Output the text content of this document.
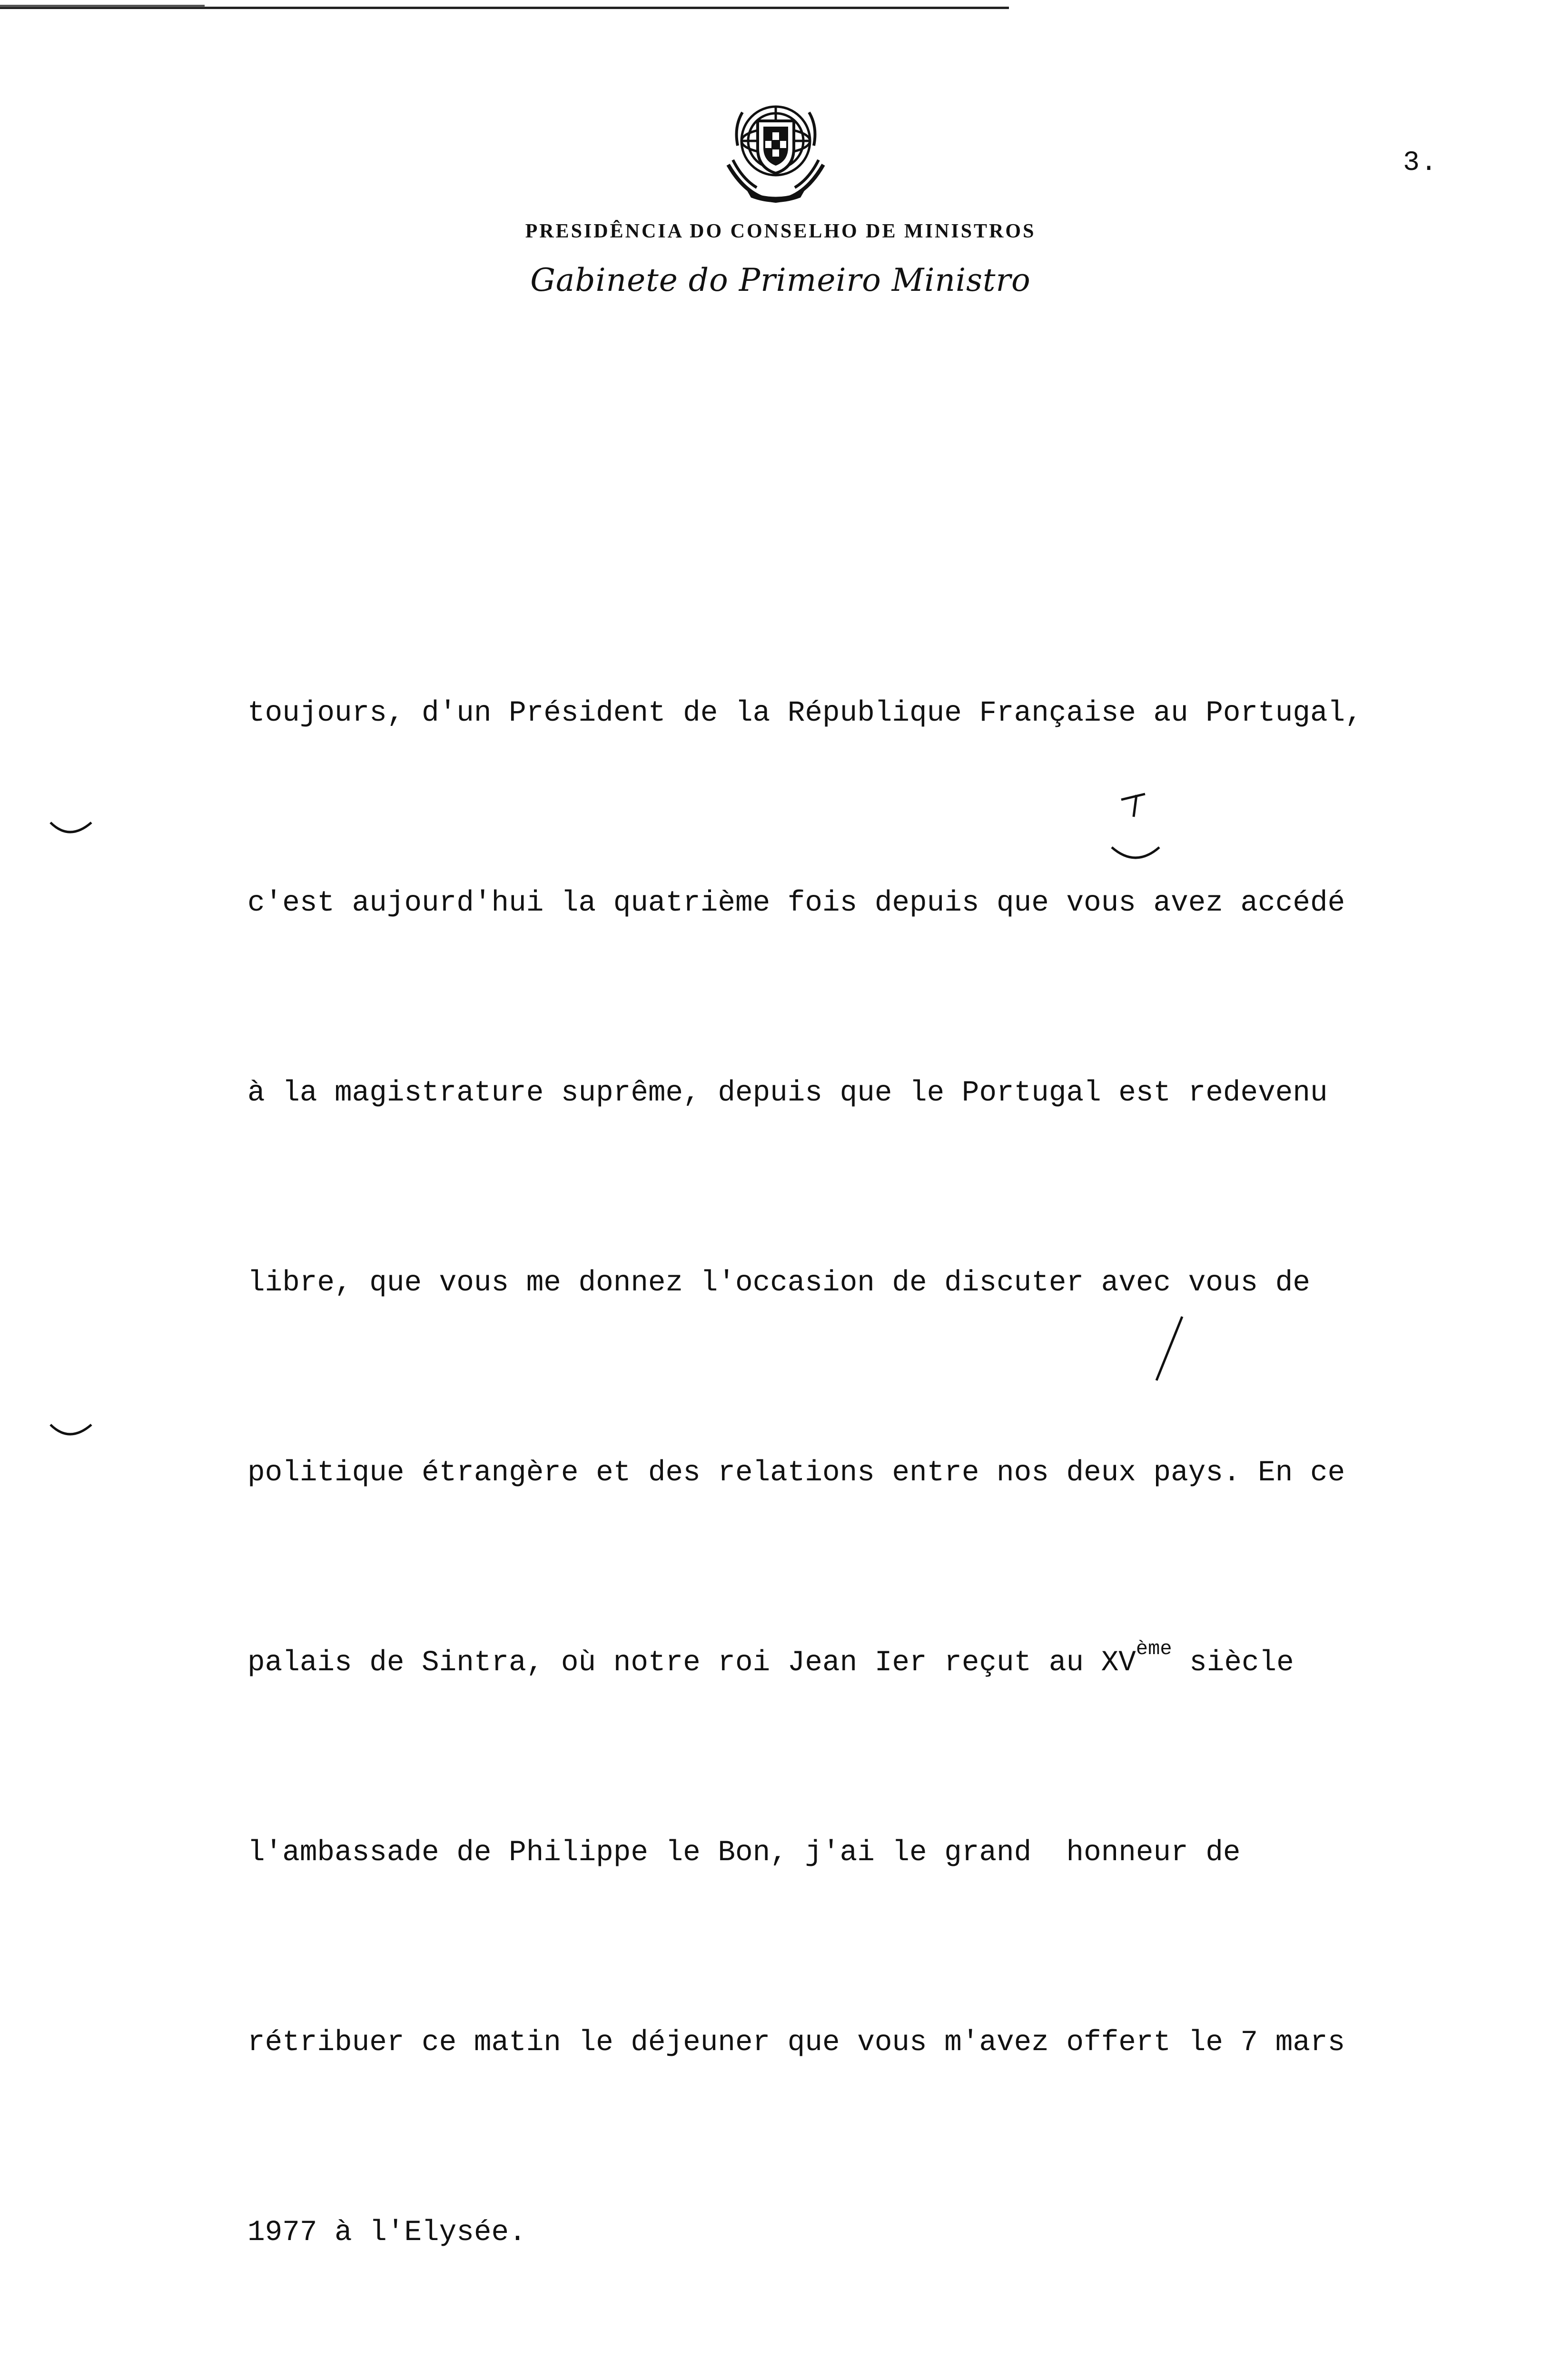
3.
PRESIDÊNCIA DO CONSELHO DE MINISTROS
Gabinete do Primeiro Ministro

toujours, d'un Président de la République Française au Portugal,

c'est aujourd'hui la quatrième fois depuis que vous avez accédé

à la magistrature suprême, depuis que le Portugal est redevenu

libre, que vous me donnez l'occasion de discuter avec vous de

politique étrangère et des relations entre nos deux pays. En ce

palais de Sintra, où notre roi Jean Ier reçut au XVème siècle

l'ambassade de Philippe le Bon, j'ai le grand  honneur de

rétribuer ce matin le déjeuner que vous m'avez offert le 7 mars

1977 à l'Elysée.
